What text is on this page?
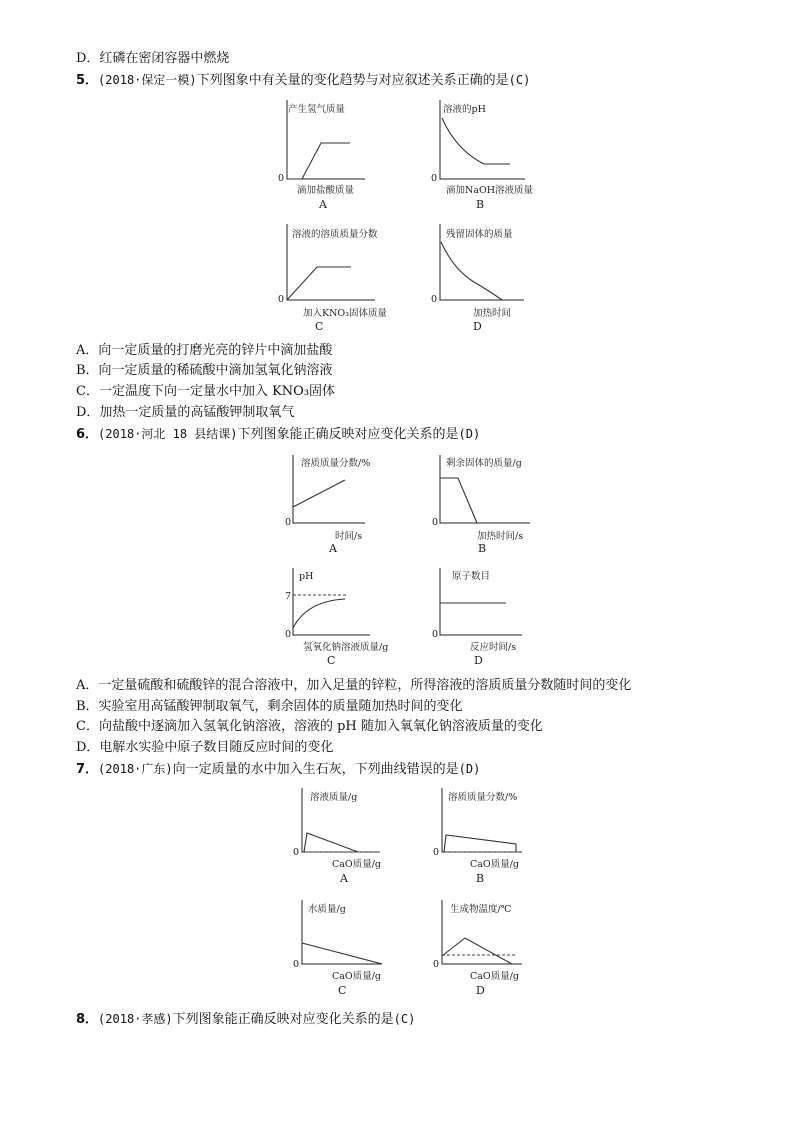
D．红磷在密闭容器中燃烧
5．(2018·保定一模)下列图象中有关量的变化趋势与对应叙述关系正确的是(C)
产生氢气质量
0
滴加盐酸质量
A
溶液的pH
0
滴加NaOH溶液质量
B
溶液的溶质质量分数
0
加入KNO₃固体质量
C
残留固体的质量
0
加热时间
D
A．向一定质量的打磨光亮的锌片中滴加盐酸
B．向一定质量的稀硫酸中滴加氢氧化钠溶液
C．一定温度下向一定量水中加入 KNO₃固体
D．加热一定质量的高锰酸钾制取氧气
6．(2018·河北 18 县结课)下列图象能正确反映对应变化关系的是(D)
溶质质量分数/%
0
时间/s
A
剩余固体的质量/g
0
加热时间/s
B
pH
7
0
氢氧化钠溶液质量/g
C
原子数目
0
反应时间/s
D
A．一定量硫酸和硫酸锌的混合溶液中，加入足量的锌粒，所得溶液的溶质质量分数随时间的变化
B．实验室用高锰酸钾制取氧气，剩余固体的质量随加热时间的变化
C．向盐酸中逐滴加入氢氧化钠溶液，溶液的 pH 随加入氧氧化钠溶液质量的变化
D．电解水实验中原子数目随反应时间的变化
7．(2018·广东)向一定质量的水中加入生石灰，下列曲线错误的是(D)
溶液质量/g
0
CaO质量/g
A
溶质质量分数/%
0
CaO质量/g
B
水质量/g
0
CaO质量/g
C
生成物温度/℃
0
CaO质量/g
D
8．(2018·孝感)下列图象能正确反映对应变化关系的是(C)
